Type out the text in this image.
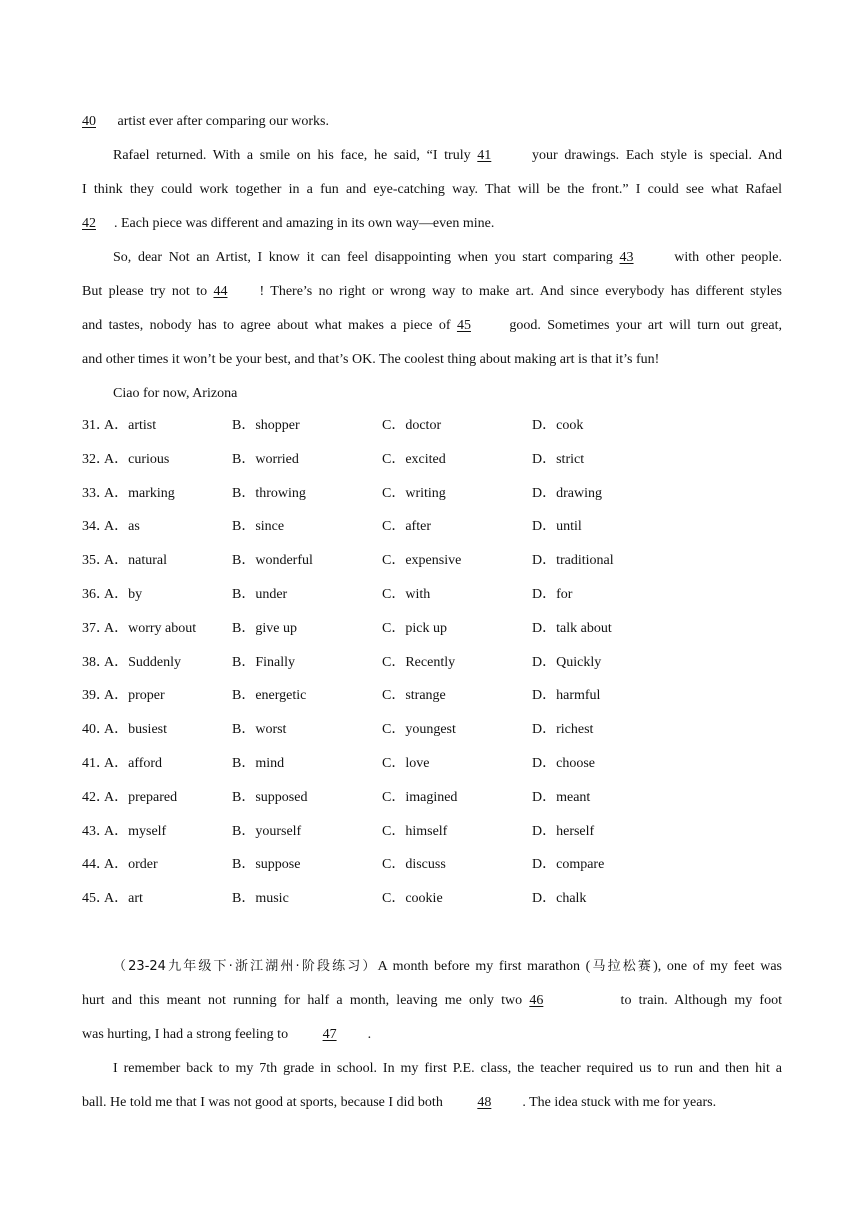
40 artist ever after comparing our works.
Rafael returned. With a smile on his face, he said, “I truly 41 your drawings. Each style is special. And
I think they could work together in a fun and eye-catching way. That will be the front.” I could see what Rafael
42 . Each piece was different and amazing in its own way—even mine.
So, dear Not an Artist, I know it can feel disappointing when you start comparing 43 with other people.
But please try not to 44 ! There’s no right or wrong way to make art. And since everybody has different styles
and tastes, nobody has to agree about what makes a piece of 45 good. Sometimes your art will turn out great,
and other times it won’t be your best, and that’s OK. The coolest thing about making art is that it’s fun!
Ciao for now, Arizona
31．
A．artist	B．shopper	C．doctor	D．cook
32．
A．curious	B．worried	C．excited	D．strict
33．
A．marking	B．throwing	C．writing	D．drawing
34．
A．as	B．since	C．after	D．until
35．
A．natural	B．wonderful	C．expensive	D．traditional
36．
A．by	B．under	C．with	D．for
37．
A．worry about	B．give up	C．pick up	D．talk about
38．
A．Suddenly	B．Finally	C．Recently	D．Quickly
39．
A．proper	B．energetic	C．strange	D．harmful
40．
A．busiest	B．worst	C．youngest	D．richest
41．
A．afford	B．mind	C．love	D．choose
42．
A．prepared	B．supposed	C．imagined	D．meant
43．
A．myself	B．yourself	C．himself	D．herself
44．
A．order	B．suppose	C．discuss	D．compare
45．
A．art	B．music	C．cookie	D．chalk
（23-24九年级下·浙江湖州·阶段练习）A month before my first marathon (马拉松赛), one of my feet was
hurt and this meant not running for half a month, leaving me only two 46	to train. Although my foot
was hurting, I had a strong feeling to 47 .
I remember back to my 7th grade in school. In my first P.E. class, the teacher required us to run and then hit a
ball. He told me that I was not good at sports, because I did both 48 . The idea stuck with me for years.
